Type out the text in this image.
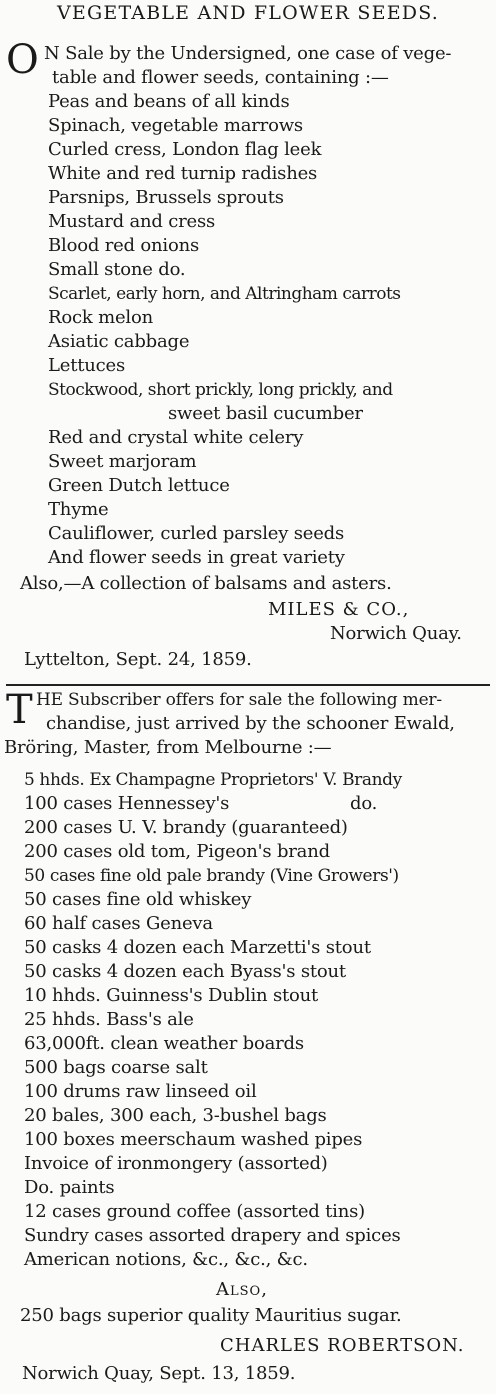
VEGETABLE AND FLOWER SEEDS.
O N Sale by the Undersigned, one case of vege-
table and flower seeds, containing :—
Peas and beans of all kinds
Spinach, vegetable marrows
Curled cress, London flag leek
White and red turnip radishes
Parsnips, Brussels sprouts
Mustard and cress
Blood red onions
Small stone do.
Scarlet, early horn, and Altringham carrots
Rock melon
Asiatic cabbage
Lettuces
Stockwood, short prickly, long prickly, and
sweet basil cucumber
Red and crystal white celery
Sweet marjoram
Green Dutch lettuce
Thyme
Cauliflower, curled parsley seeds
And flower seeds in great variety
Also,—A collection of balsams and asters.
MILES & CO.,
Norwich Quay.
Lyttelton, Sept. 24, 1859.
T HE Subscriber offers for sale the following mer-
chandise, just arrived by the schooner Ewald,
Bröring, Master, from Melbourne :—
5 hhds. Ex Champagne Proprietors' V. Brandy
100 cases Hennessey's	do.
200 cases U. V. brandy (guaranteed)
200 cases old tom, Pigeon's brand
50 cases fine old pale brandy (Vine Growers')
50 cases fine old whiskey
60 half cases Geneva
50 casks 4 dozen each Marzetti's stout
50 casks 4 dozen each Byass's stout
10 hhds. Guinness's Dublin stout
25 hhds. Bass's ale
63,000ft. clean weather boards
500 bags coarse salt
100 drums raw linseed oil
20 bales, 300 each, 3-bushel bags
100 boxes meerschaum washed pipes
Invoice of ironmongery (assorted)
Do. paints
12 cases ground coffee (assorted tins)
Sundry cases assorted drapery and spices
American notions, &c., &c., &c.
Also,
250 bags superior quality Mauritius sugar.
CHARLES ROBERTSON.
Norwich Quay, Sept. 13, 1859.
